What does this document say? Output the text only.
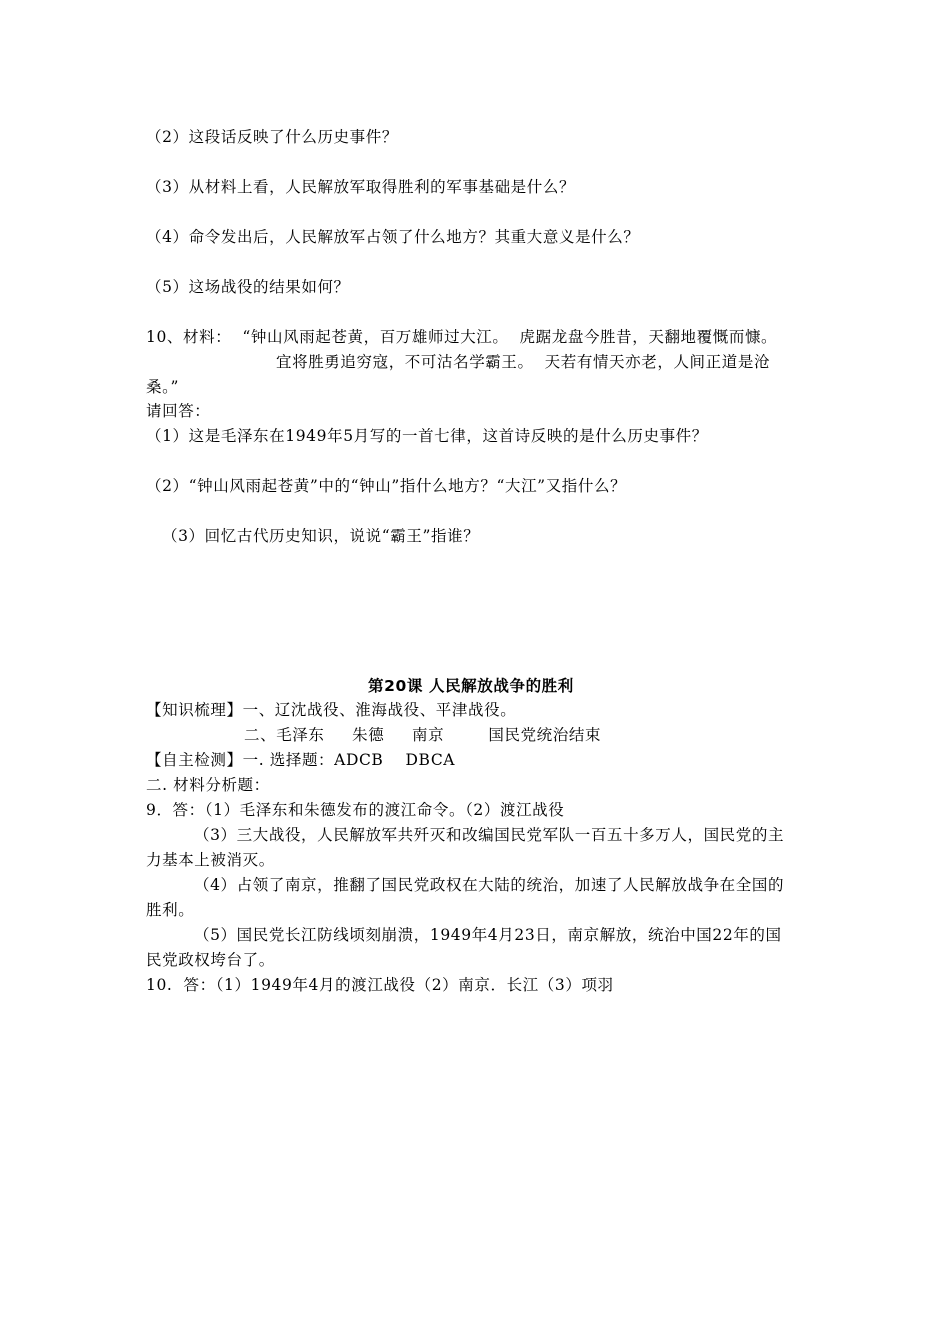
（2）这段话反映了什么历史事件？
（3）从材料上看，人民解放军取得胜利的军事基础是什么？
（4）命令发出后，人民解放军占领了什么地方？其重大意义是什么？
（5）这场战役的结果如何？
10、材料：  “钟山风雨起苍黄，百万雄师过大江。  虎踞龙盘今胜昔，天翻地覆慨而慷。
宜将胜勇追穷寇，不可沽名学霸王。  天若有情天亦老，人间正道是沧
桑。”
请回答：
（1）这是毛泽东在1949年5月写的一首七律，这首诗反映的是什么历史事件？
（2）“钟山风雨起苍黄”中的“钟山”指什么地方？“大江”又指什么？
（3）回忆古代历史知识，说说“霸王”指谁？
第20课 人民解放战争的胜利
【知识梳理】一、辽沈战役、淮海战役、平津战役。
二、毛泽东     朱德     南京        国民党统治结束
【自主检测】一. 选择题：ADCB    DBCA
二. 材料分析题：
9．答：（1）毛泽东和朱德发布的渡江命令。（2）渡江战役
（3）三大战役，人民解放军共歼灭和改编国民党军队一百五十多万人，国民党的主
力基本上被消灭。
（4）占领了南京，推翻了国民党政权在大陆的统治，加速了人民解放战争在全国的
胜利。
（5）国民党长江防线顷刻崩溃，1949年4月23日，南京解放，统治中国22年的国
民党政权垮台了。
10.  答：（1）1949年4月的渡江战役（2）南京．长江（3）项羽
